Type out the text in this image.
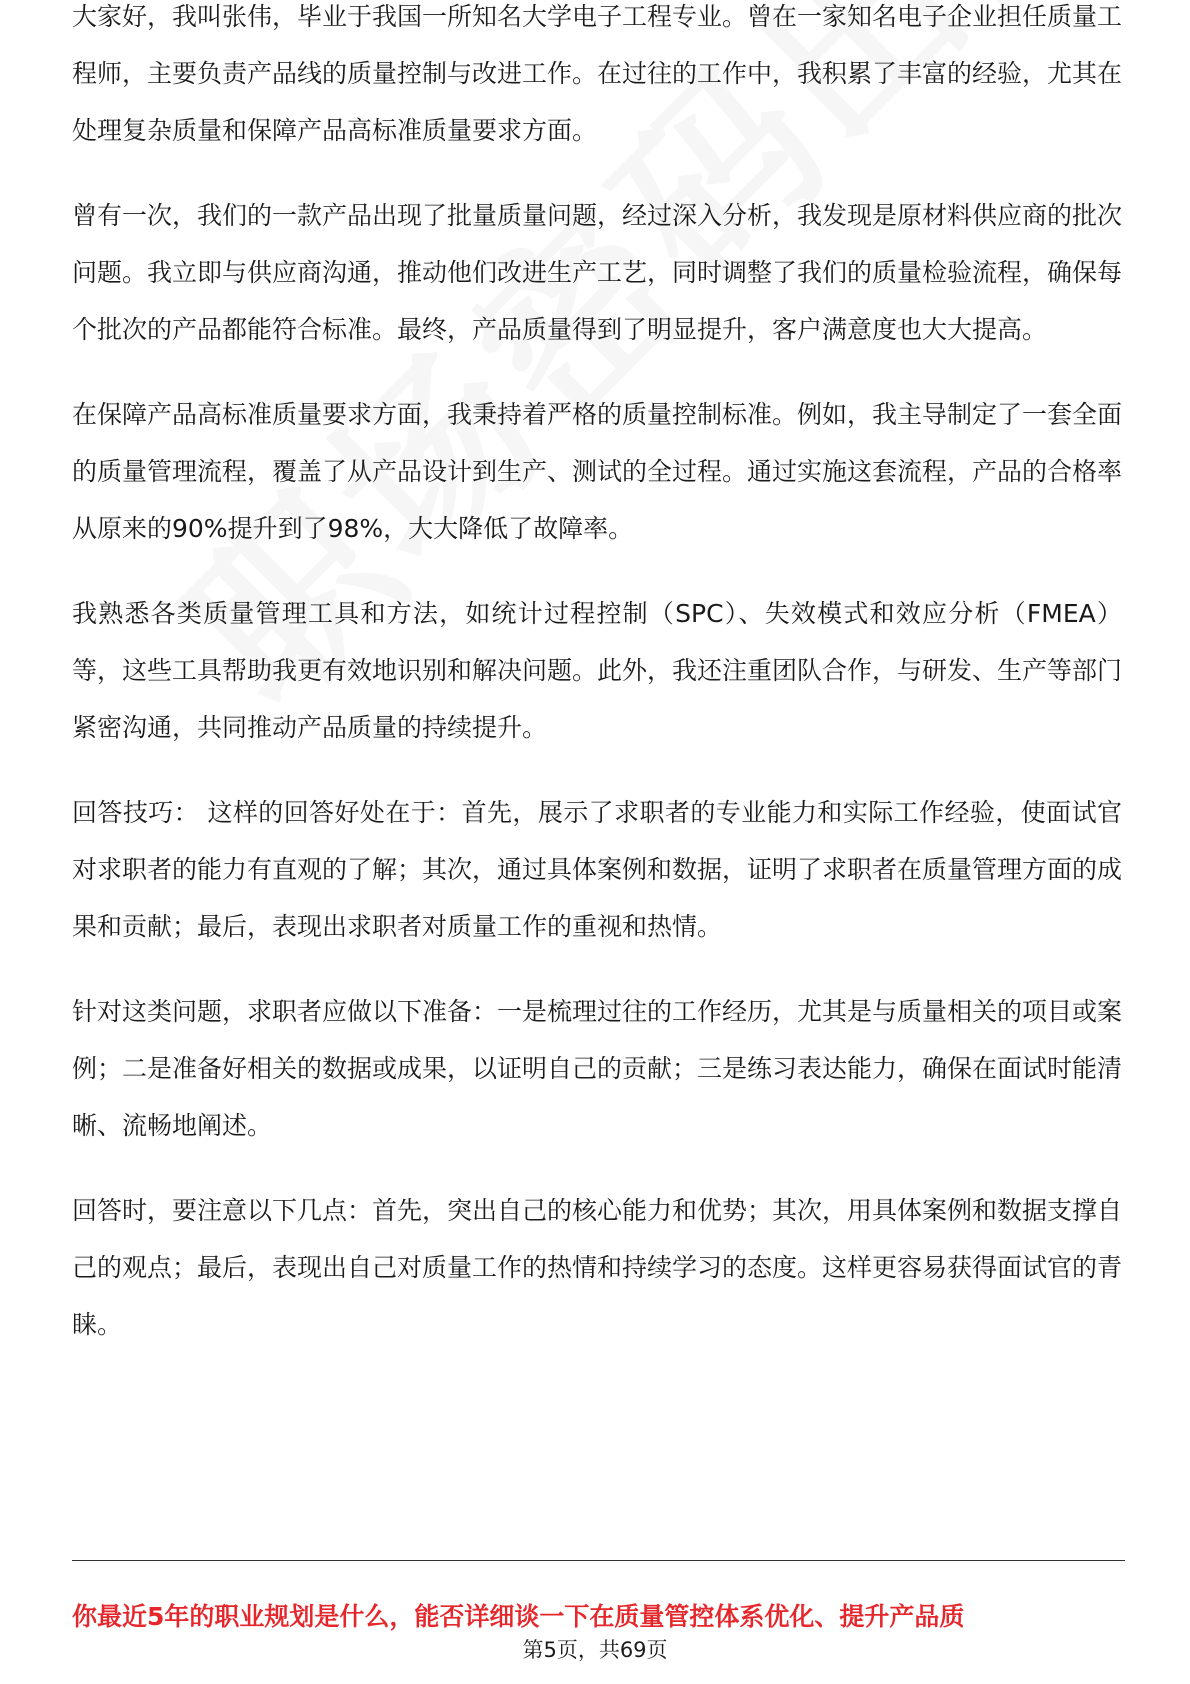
大家好，我叫张伟，毕业于我国一所知名大学电子工程专业。曾在一家知名电子企业担任质量工程师，主要负责产品线的质量控制与改进工作。在过往的工作中，我积累了丰富的经验，尤其在处理复杂质量和保障产品高标准质量要求方面。

曾有一次，我们的一款产品出现了批量质量问题，经过深入分析，我发现是原材料供应商的批次问题。我立即与供应商沟通，推动他们改进生产工艺，同时调整了我们的质量检验流程，确保每个批次的产品都能符合标准。最终，产品质量得到了明显提升，客户满意度也大大提高。

在保障产品高标准质量要求方面，我秉持着严格的质量控制标准。例如，我主导制定了一套全面的质量管理流程，覆盖了从产品设计到生产、测试的全过程。通过实施这套流程，产品的合格率从原来的90%提升到了98%，大大降低了故障率。

我熟悉各类质量管理工具和方法，如统计过程控制（SPC）、失效模式和效应分析（FMEA）等，这些工具帮助我更有效地识别和解决问题。此外，我还注重团队合作，与研发、生产等部门紧密沟通，共同推动产品质量的持续提升。

回答技巧： 这样的回答好处在于：首先，展示了求职者的专业能力和实际工作经验，使面试官对求职者的能力有直观的了解；其次，通过具体案例和数据，证明了求职者在质量管理方面的成果和贡献；最后，表现出求职者对质量工作的重视和热情。

针对这类问题，求职者应做以下准备：一是梳理过往的工作经历，尤其是与质量相关的项目或案例；二是准备好相关的数据或成果，以证明自己的贡献；三是练习表达能力，确保在面试时能清晰、流畅地阐述。

回答时，要注意以下几点：首先，突出自己的核心能力和优势；其次，用具体案例和数据支撑自己的观点；最后，表现出自己对质量工作的热情和持续学习的态度。这样更容易获得面试官的青睐。

你最近5年的职业规划是什么，能否详细谈一下在质量管控体系优化、提升产品质
第5页，共69页
